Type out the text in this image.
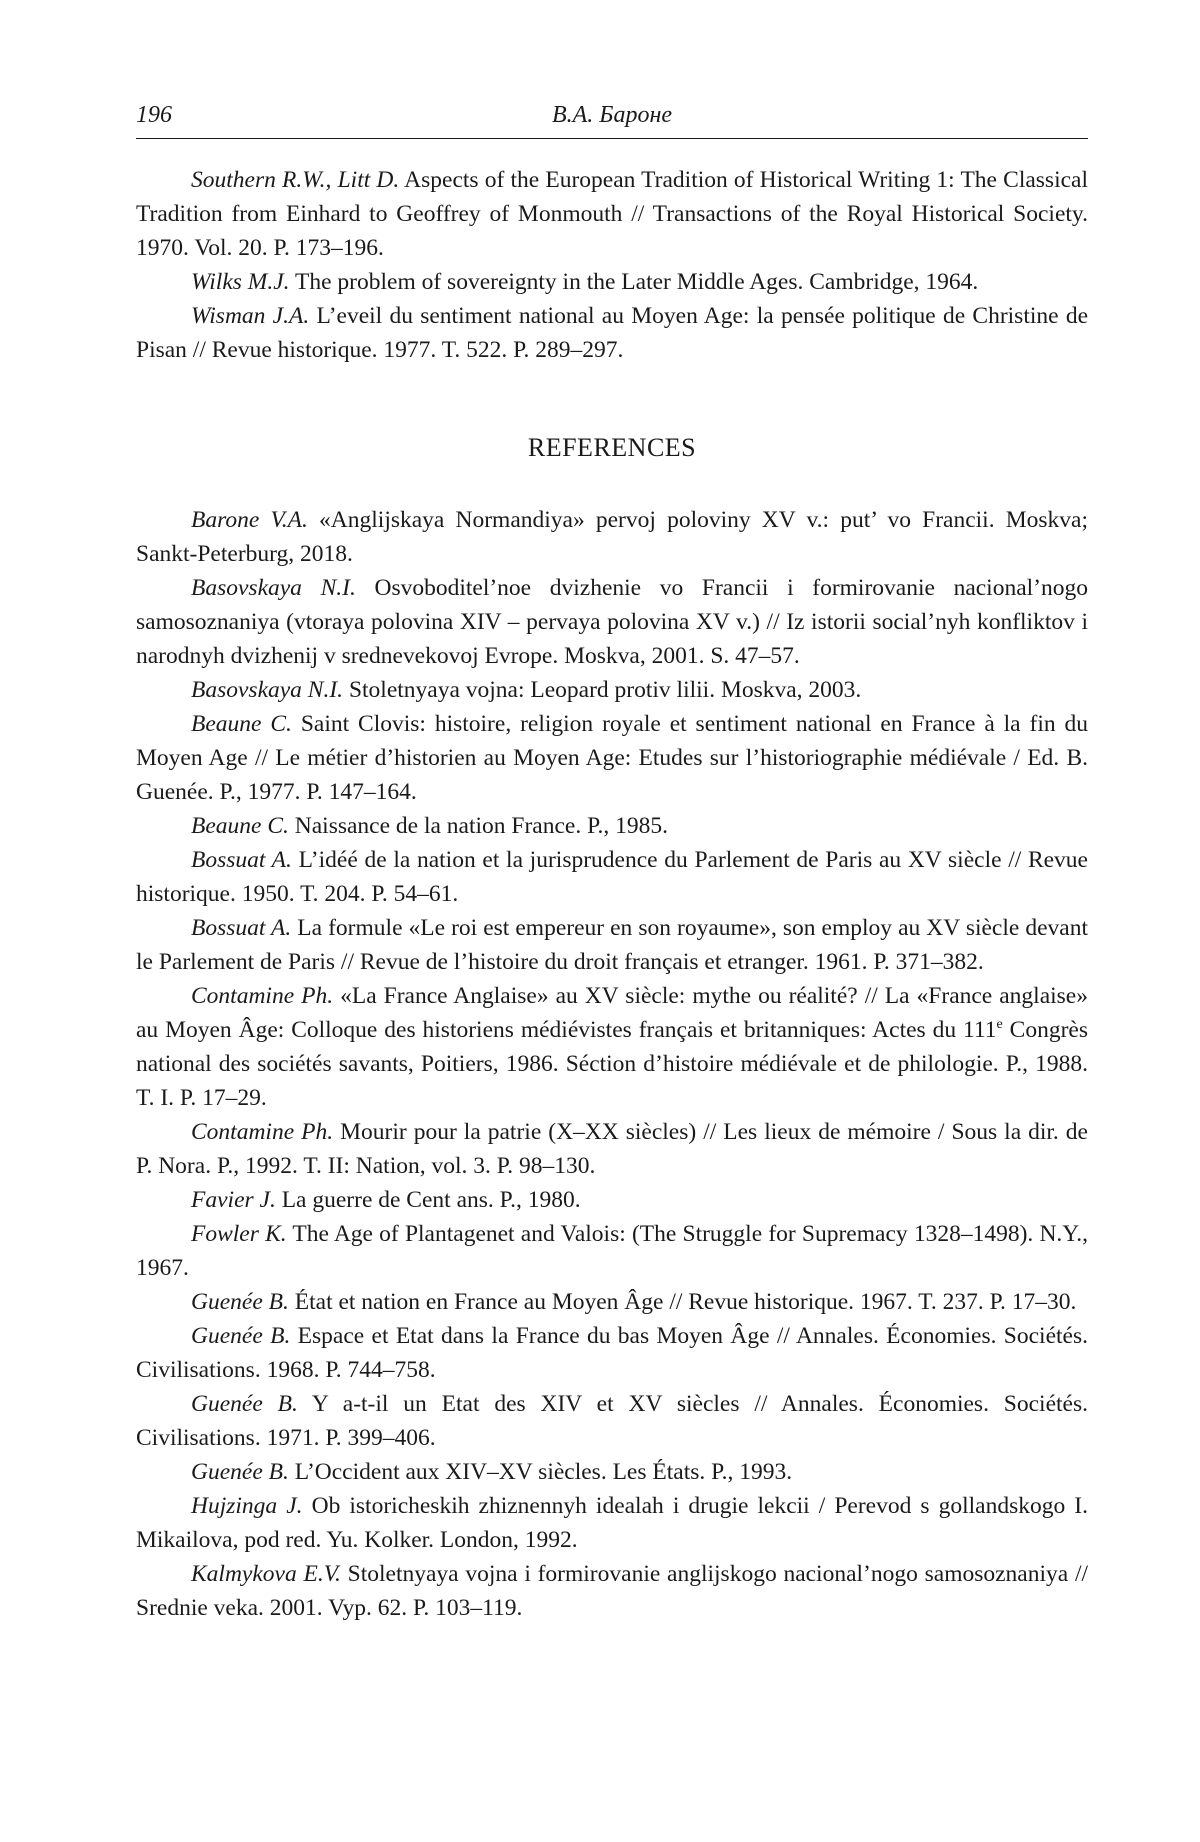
196	В.А. Бароне

Southern R.W., Litt D. Aspects of the European Tradition of Historical Writing 1: The Classical Tradition from Einhard to Geoffrey of Monmouth // Transactions of the Royal Historical Society. 1970. Vol. 20. P. 173–196.

Wilks M.J. The problem of sovereignty in the Later Middle Ages. Cambridge, 1964.

Wisman J.A. L’eveil du sentiment national au Moyen Age: la pensée politique de Christine de Pisan // Revue historique. 1977. T. 522. P. 289–297.

REFERENCES

Barone V.A. «Anglijskaya Normandiya» pervoj poloviny XV v.: put’ vo Francii. Moskva; Sankt-Peterburg, 2018.

Basovskaya N.I. Osvoboditel’noe dvizhenie vo Francii i formirovanie nacional’nogo samosoznaniya (vtoraya polovina XIV – pervaya polovina XV v.) // Iz istorii social’nyh konfliktov i narodnyh dvizhenij v srednevekovoj Evrope. Moskva, 2001. S. 47–57.

Basovskaya N.I. Stoletnyaya vojna: Leopard protiv lilii. Moskva, 2003.

Beaune C. Saint Clovis: histoire, religion royale et sentiment national en France à la fin du Moyen Age // Le métier d’historien au Moyen Age: Etudes sur l’historiographie médiévale / Ed. B. Guenée. P., 1977. P. 147–164.

Beaune C. Naissance de la nation France. P., 1985.

Bossuat A. L’idéé de la nation et la jurisprudence du Parlement de Paris au XV siècle // Revue historique. 1950. T. 204. P. 54–61.

Bossuat A. La formule «Le roi est empereur en son royaume», son employ au XV siècle devant le Parlement de Paris // Revue de l’histoire du droit français et etranger. 1961. P. 371–382.

Contamine Ph. «La France Anglaise» au XV siècle: mythe ou réalité? // La «France anglaise» au Moyen Âge: Colloque des historiens médiévistes français et britanniques: Actes du 111e Congrès national des sociétés savants, Poitiers, 1986. Séction d’histoire médiévale et de philologie. P., 1988. T. I. P. 17–29.

Contamine Ph. Mourir pour la patrie (X–XX siècles) // Les lieux de mémoire / Sous la dir. de P. Nora. P., 1992. T. II: Nation, vol. 3. P. 98–130.

Favier J. La guerre de Cent ans. P., 1980.

Fowler K. The Age of Plantagenet and Valois: (The Struggle for Supremacy 1328–1498). N.Y., 1967.

Guenée B. État et nation en France au Moyen Âge // Revue historique. 1967. T. 237. P. 17–30.

Guenée B. Espace et Etat dans la France du bas Moyen Âge // Annales. Économies. Sociétés. Civilisations. 1968. P. 744–758.

Guenée B. Y a-t-il un Etat des XIV et XV siècles // Annales. Économies. Sociétés. Civilisations. 1971. P. 399–406.

Guenée B. L’Occident aux XIV–XV siècles. Les États. P., 1993.

Hujzinga J. Ob istoricheskih zhiznennyh idealah i drugie lekcii / Perevod s gollandskogo I. Mikailova, pod red. Yu. Kolker. London, 1992.

Kalmykova E.V. Stoletnyaya vojna i formirovanie anglijskogo nacional’nogo samosoznaniya // Srednie veka. 2001. Vyp. 62. P. 103–119.
